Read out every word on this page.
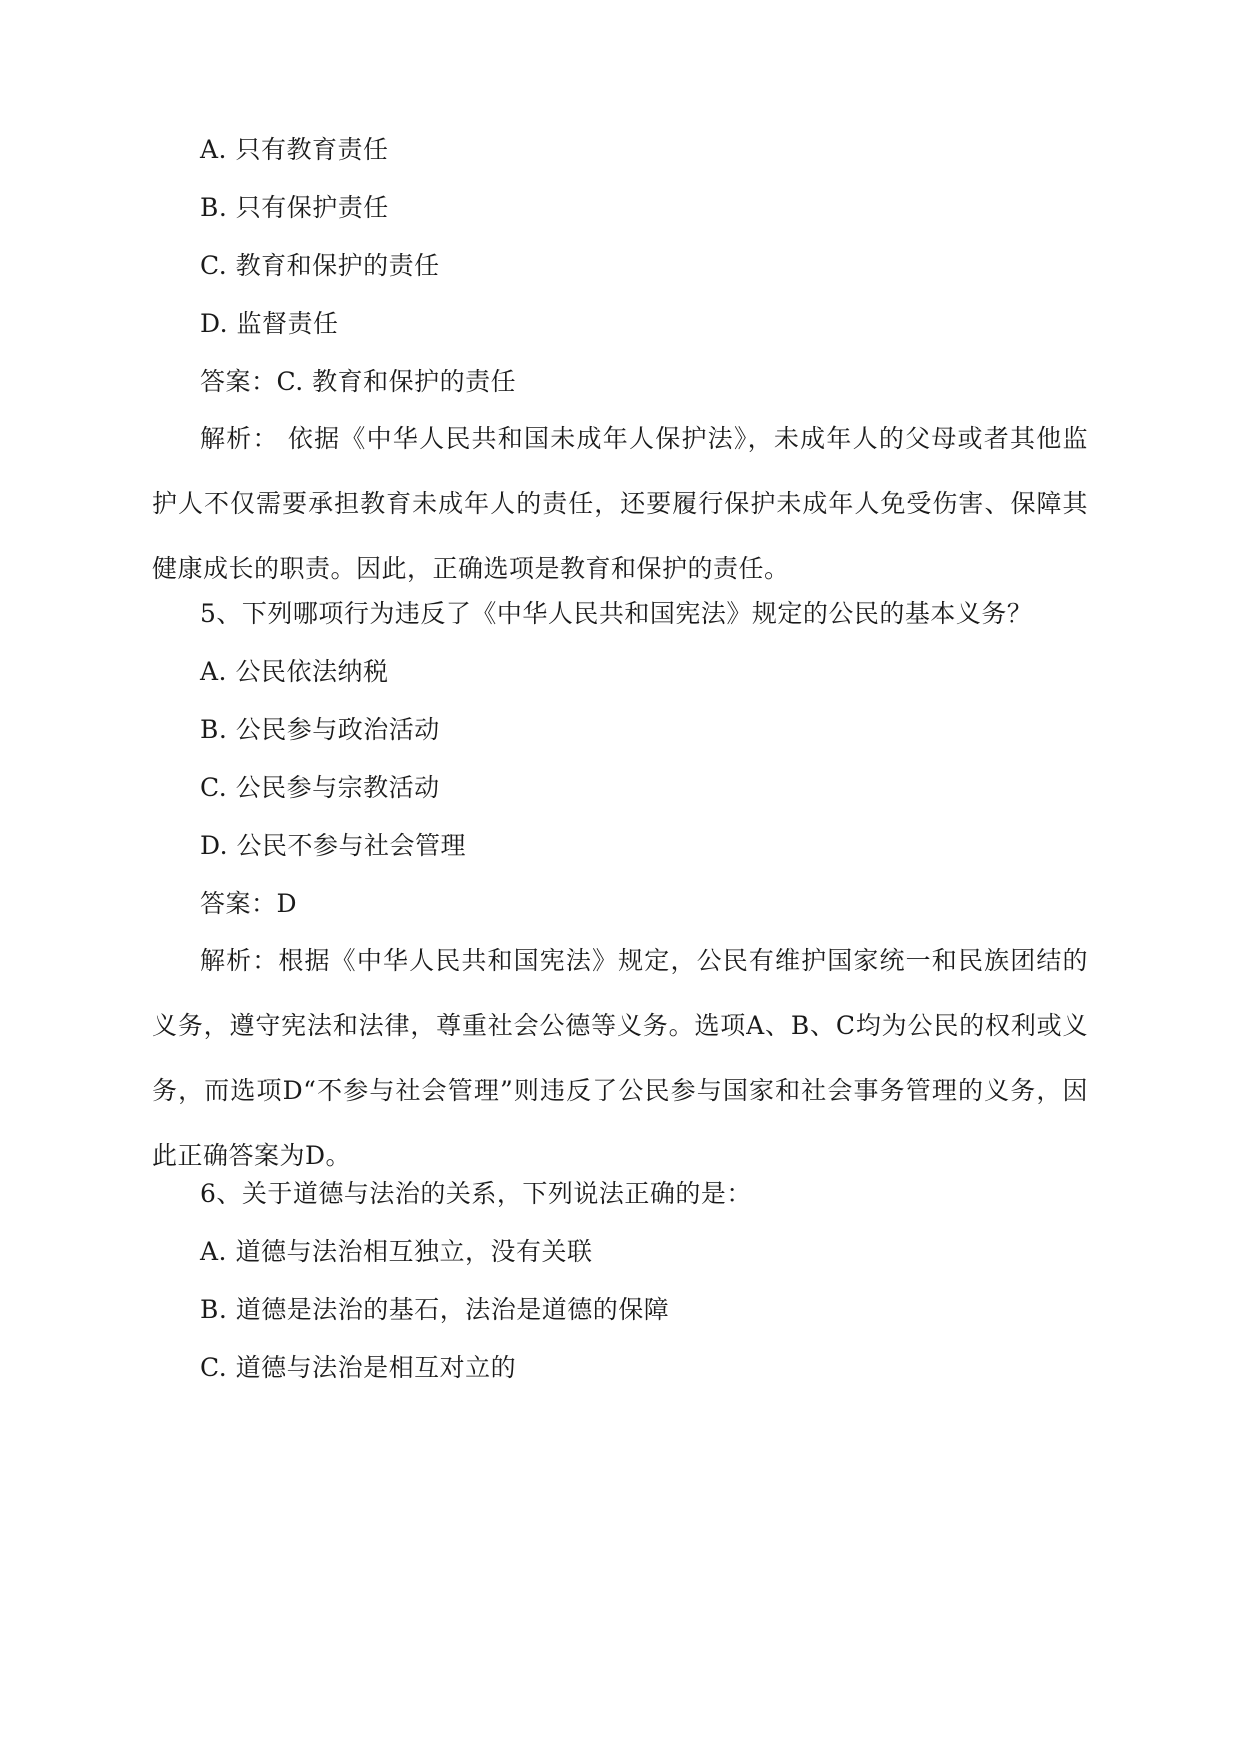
A. 只有教育责任
B. 只有保护责任
C. 教育和保护的责任
D. 监督责任
答案：C. 教育和保护的责任
解析： 依据《中华人民共和国未成年人保护法》，未成年人的父母或者其他监护人不仅需要承担教育未成年人的责任，还要履行保护未成年人免受伤害、保障其健康成长的职责。因此，正确选项是教育和保护的责任。
5、下列哪项行为违反了《中华人民共和国宪法》规定的公民的基本义务？
A. 公民依法纳税
B. 公民参与政治活动
C. 公民参与宗教活动
D. 公民不参与社会管理
答案：D
解析：根据《中华人民共和国宪法》规定，公民有维护国家统一和民族团结的义务，遵守宪法和法律，尊重社会公德等义务。选项A、B、C均为公民的权利或义务，而选项D“不参与社会管理”则违反了公民参与国家和社会事务管理的义务，因此正确答案为D。
6、关于道德与法治的关系，下列说法正确的是：
A. 道德与法治相互独立，没有关联
B. 道德是法治的基石，法治是道德的保障
C. 道德与法治是相互对立的
